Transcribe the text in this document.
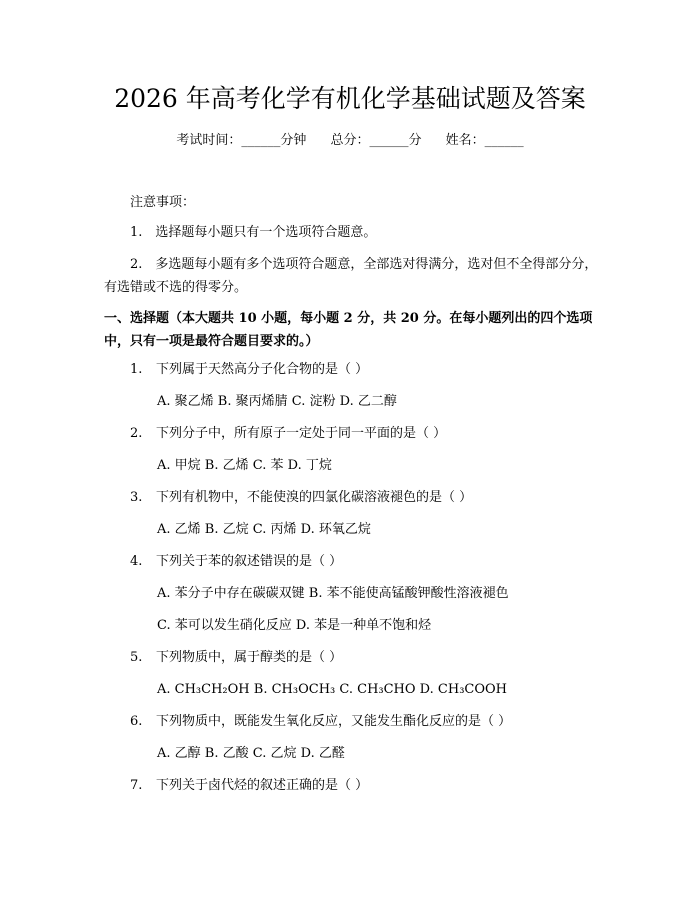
2026 年高考化学有机化学基础试题及答案
考试时间：______分钟 总分：______分 姓名：______
注意事项：
1.　选择题每小题只有一个选项符合题意。
2.　多选题每小题有多个选项符合题意，全部选对得满分，选对但不全得部分分，有选错或不选的得零分。
一、选择题（本大题共 10 小题，每小题 2 分，共 20 分。在每小题列出的四个选项中，只有一项是最符合题目要求的。）
1. 下列属于天然高分子化合物的是（ ）
A. 聚乙烯 B. 聚丙烯腈 C. 淀粉 D. 乙二醇
2. 下列分子中，所有原子一定处于同一平面的是（ ）
A. 甲烷 B. 乙烯 C. 苯 D. 丁烷
3. 下列有机物中，不能使溴的四氯化碳溶液褪色的是（ ）
A. 乙烯 B. 乙烷 C. 丙烯 D. 环氧乙烷
4. 下列关于苯的叙述错误的是（ ）
A. 苯分子中存在碳碳双键 B. 苯不能使高锰酸钾酸性溶液褪色
C. 苯可以发生硝化反应 D. 苯是一种单不饱和烃
5. 下列物质中，属于醇类的是（ ）
A. CH₃CH₂OH B. CH₃OCH₃ C. CH₃CHO D. CH₃COOH
6. 下列物质中，既能发生氧化反应，又能发生酯化反应的是（ ）
A. 乙醇 B. 乙酸 C. 乙烷 D. 乙醛
7. 下列关于卤代烃的叙述正确的是（ ）
